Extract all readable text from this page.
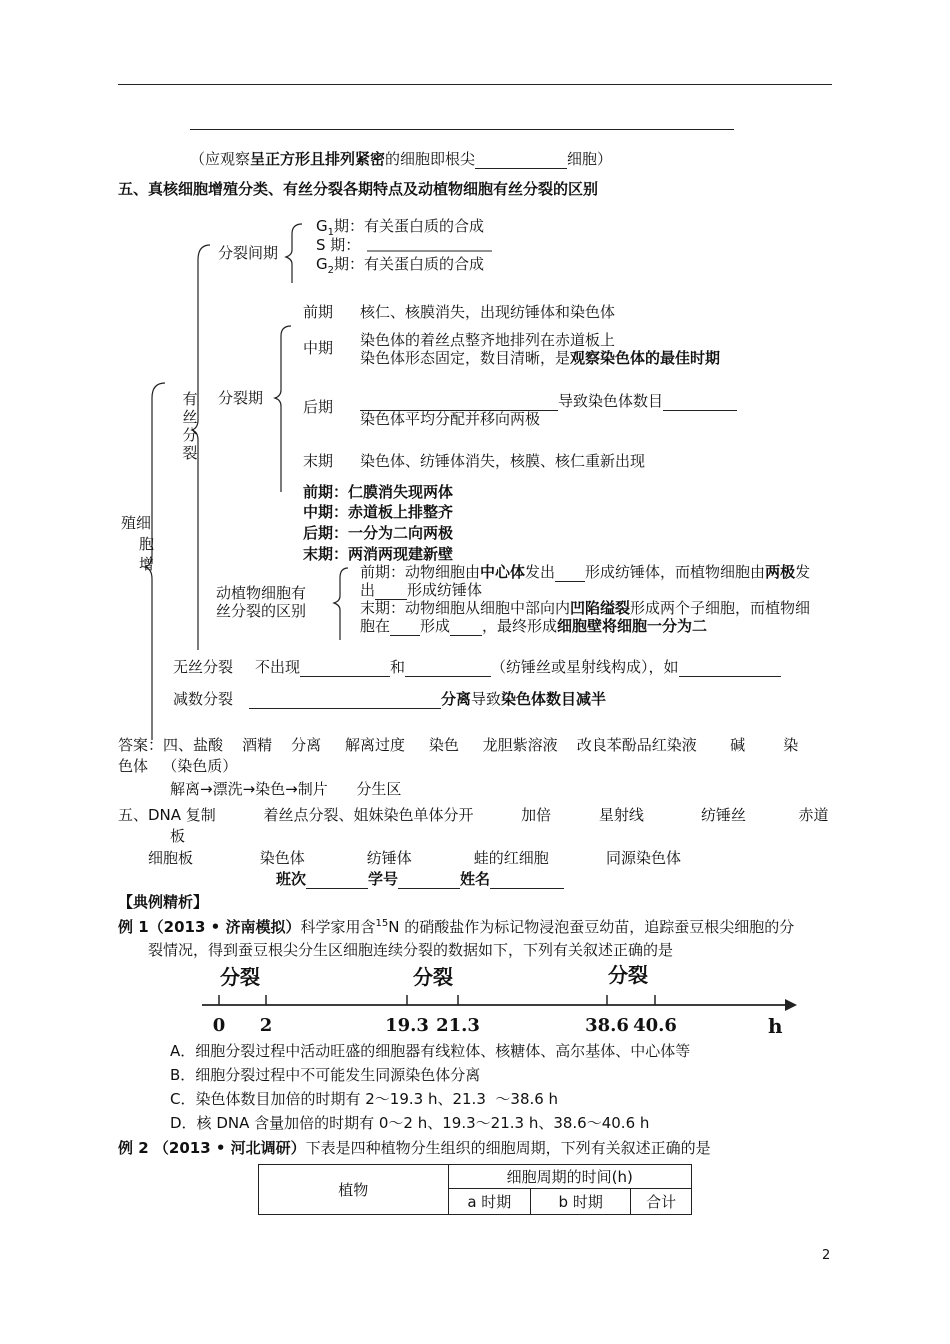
（应观察呈正方形且排列紧密的细胞即根尖	细胞）
五、真核细胞增殖分类、有丝分裂各期特点及动植物细胞有丝分裂的区别
殖细
胞
增
有丝分裂
分裂间期
$G_1$期：有关蛋白质的合成
S 期：
$G_2$期：有关蛋白质的合成
分裂期
前期 核仁、核膜消失，出现纺锤体和染色体
中期 染色体的着丝点整齐地排列在赤道板上
染色体形态固定，数目清晰，是观察染色体的最佳时期
后期	导致染色体数目
染色体平均分配并移向两极
末期 染色体、纺锤体消失，核膜、核仁重新出现
前期：仁膜消失现两体
中期：赤道板上排整齐
后期：一分为二向两极
末期：两消两现建新壁
动植物细胞有
丝分裂的区别
前期：动物细胞由中心体发出 形成纺锤体，而植物细胞由两极发
出 形成纺锤体
末期：动物细胞从细胞中部向内凹陷缢裂形成两个子细胞，而植物细
胞在 形成 ，最终形成细胞壁将细胞一分为二
无丝分裂 不出现	和	（纺锤丝或星射线构成），如
减数分裂	分离导致染色体数目减半
答案：四、盐酸    酒精    分离     解离过度     染色     龙胆紫溶液    改良苯酚品红染液       碱        染
色体   （染色质）
解离→漂洗→染色→制片      分生区
五、DNA 复制          着丝点分裂、姐妹染色单体分开          加倍          星射线            纺锤丝           赤道
板
细胞板              染色体             纺锤体             蛙的红细胞            同源染色体
班次	学号	姓名
【典例精析】
例 1（2013 • 济南模拟）科学家用含$^{15}$N 的硝酸盐作为标记物浸泡蚕豆幼苗，追踪蚕豆根尖细胞的分
裂情况，得到蚕豆根尖分生区细胞连续分裂的数据如下，下列有关叙述正确的是
0 2	19.3 21.3	38.6 40.6
分裂	分裂	分裂
h
A．细胞分裂过程中活动旺盛的细胞器有线粒体、核糖体、高尔基体、中心体等
B．细胞分裂过程中不可能发生同源染色体分离
C．染色体数目加倍的时期有 2～19.3 h、21.3  ～38.6 h
D．核 DNA 含量加倍的时期有 0～2 h、19.3～21.3 h、38.6～40.6 h
例 2 （2013 • 河北调研）下表是四种植物分生组织的细胞周期，下列有关叙述正确的是
植物	细胞周期的时间(h)		
	a 时期	b 时期	合计
2
